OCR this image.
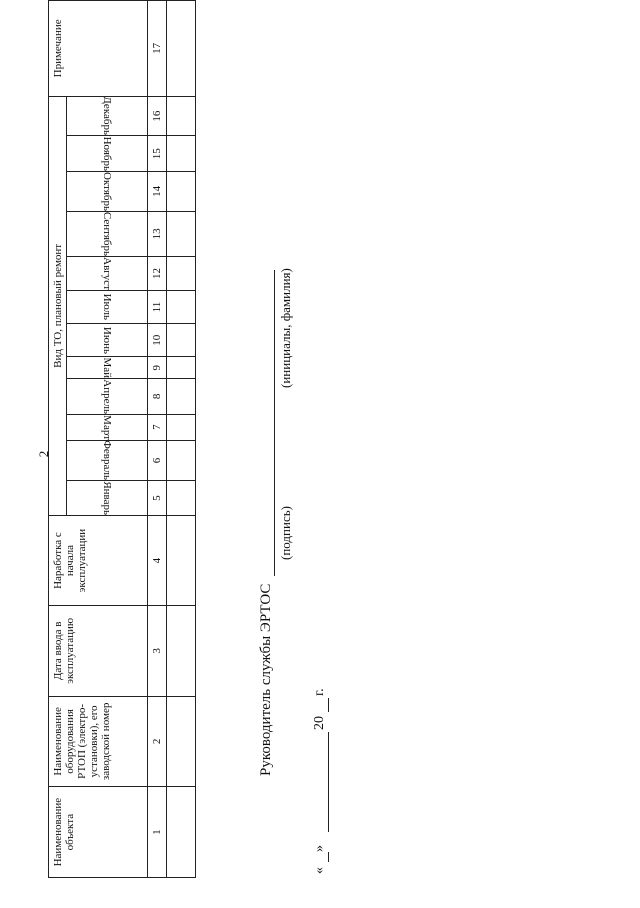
2
Наименование объекта	Наименование оборудования РТОП (электро-установки), его заводской номер	Дата ввода в эксплуатацию	Наработка с начала эксплуатации	Вид ТО, плановый ремонт												Примечание
				Январь	Февраль	Март	Апрель	Май	Июнь	Июль	Август	Сентябрь	Октябрь	Ноябрь	Декабрь	
1	2	3	4	5	6	7	8	9	10	11	12	13	14	15	16	17

Руководитель службы ЭРТОС
(подпись)
(инициалы, фамилия)
«
»
20
г.
